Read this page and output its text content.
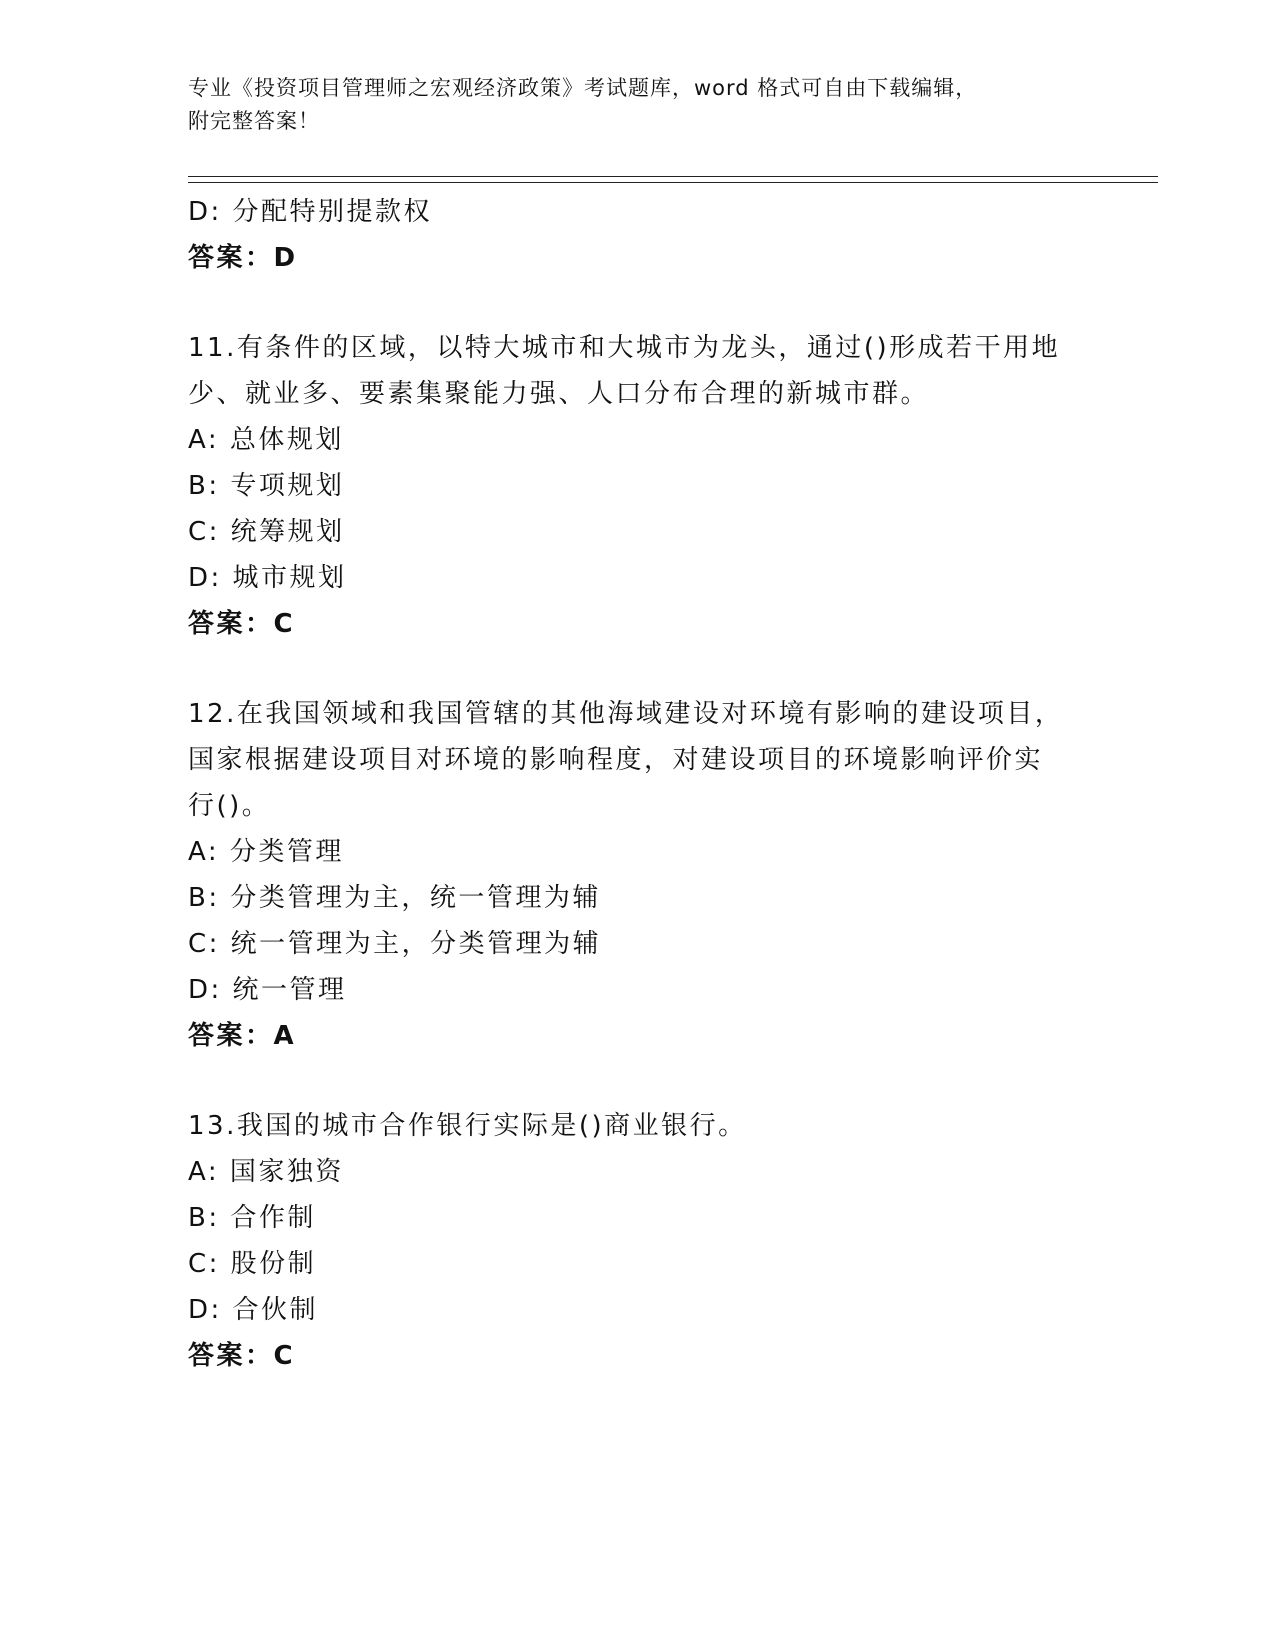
专业《投资项目管理师之宏观经济政策》考试题库，word 格式可自由下载编辑，
附完整答案！
D: 分配特别提款权
答案：D
11.有条件的区域，以特大城市和大城市为龙头，通过()形成若干用地
少、就业多、要素集聚能力强、人口分布合理的新城市群。
A: 总体规划
B: 专项规划
C: 统筹规划
D: 城市规划
答案：C
12.在我国领域和我国管辖的其他海域建设对环境有影响的建设项目，
国家根据建设项目对环境的影响程度，对建设项目的环境影响评价实
行()。
A: 分类管理
B: 分类管理为主，统一管理为辅
C: 统一管理为主，分类管理为辅
D: 统一管理
答案：A
13.我国的城市合作银行实际是()商业银行。
A: 国家独资
B: 合作制
C: 股份制
D: 合伙制
答案：C
